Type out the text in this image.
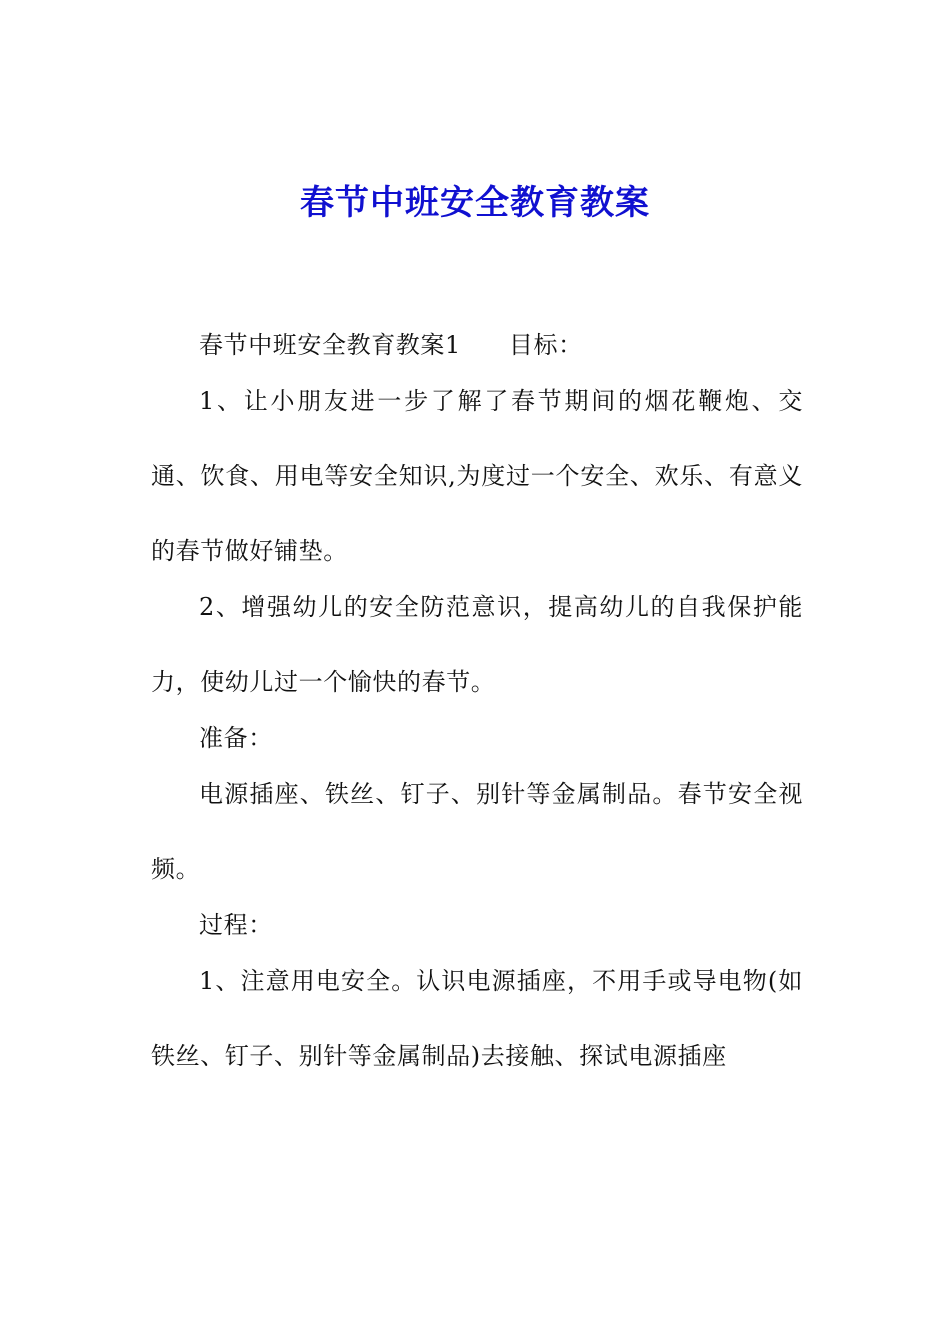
春节中班安全教育教案

春节中班安全教育教案1 目标：

1、让小朋友进一步了解了春节期间的烟花鞭炮、交通、饮食、用电等安全知识,为度过一个安全、欢乐、有意义的春节做好铺垫。

2、增强幼儿的安全防范意识，提高幼儿的自我保护能力，使幼儿过一个愉快的春节。

准备：

电源插座、铁丝、钉子、别针等金属制品。春节安全视频。

过程：

1、注意用电安全。认识电源插座，不用手或导电物(如铁丝、钉子、别针等金属制品)去接触、探试电源插座
